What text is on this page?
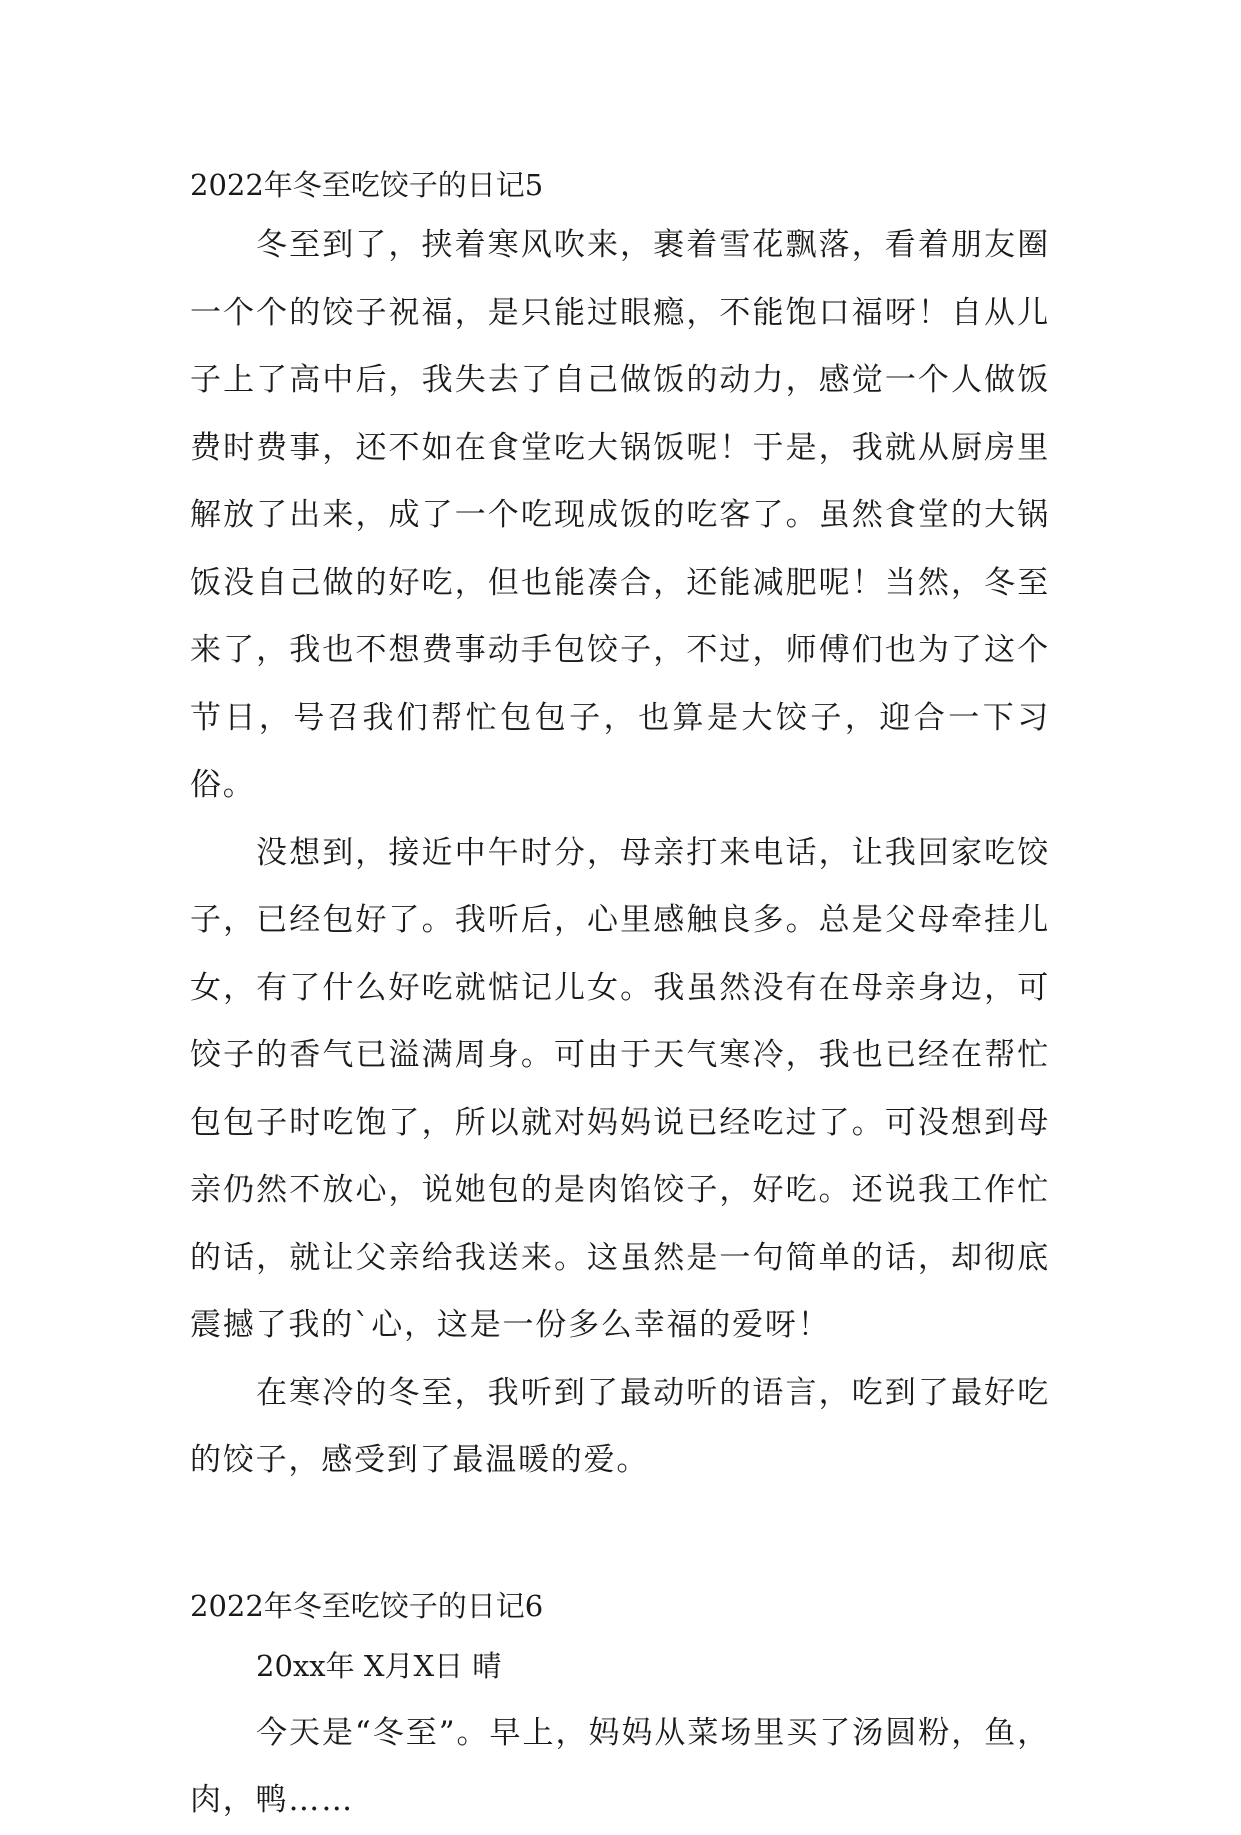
2022年冬至吃饺子的日记5

冬至到了，挟着寒风吹来，裹着雪花飘落，看着朋友圈一个个的饺子祝福，是只能过眼瘾，不能饱口福呀！自从儿子上了高中后，我失去了自己做饭的动力，感觉一个人做饭费时费事，还不如在食堂吃大锅饭呢！于是，我就从厨房里解放了出来，成了一个吃现成饭的吃客了。虽然食堂的大锅饭没自己做的好吃，但也能凑合，还能减肥呢！当然，冬至来了，我也不想费事动手包饺子，不过，师傅们也为了这个节日，号召我们帮忙包包子，也算是大饺子，迎合一下习俗。

没想到，接近中午时分，母亲打来电话，让我回家吃饺子，已经包好了。我听后，心里感触良多。总是父母牵挂儿女，有了什么好吃就惦记儿女。我虽然没有在母亲身边，可饺子的香气已溢满周身。可由于天气寒冷，我也已经在帮忙包包子时吃饱了，所以就对妈妈说已经吃过了。可没想到母亲仍然不放心，说她包的是肉馅饺子，好吃。还说我工作忙的话，就让父亲给我送来。这虽然是一句简单的话，却彻底震撼了我的`心，这是一份多么幸福的爱呀！

在寒冷的冬至，我听到了最动听的语言，吃到了最好吃的饺子，感受到了最温暖的爱。

2022年冬至吃饺子的日记6

20xx年 X月X日 晴

今天是“冬至”。早上，妈妈从菜场里买了汤圆粉，鱼，肉，鸭……
